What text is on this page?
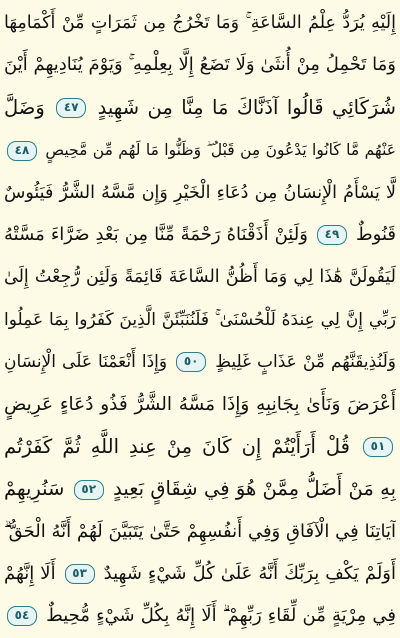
إِلَيْهِ يُرَدُّ عِلْمُ السَّاعَةِ ۚ وَمَا تَخْرُجُ مِن ثَمَرَاتٍ مِّنْ أَكْمَامِهَا
وَمَا تَحْمِلُ مِنْ أُنثَىٰ وَلَا تَضَعُ إِلَّا بِعِلْمِهِ ۚ وَيَوْمَ يُنَادِيهِمْ أَيْنَ
شُرَكَائِي قَالُوا آذَنَّاكَ مَا مِنَّا مِن شَهِيدٍ ٤٧ وَضَلَّ
عَنْهُم مَّا كَانُوا يَدْعُونَ مِن قَبْلُ ۖ وَظَنُّوا مَا لَهُم مِّن مَّحِيصٍ ٤٨
لَّا يَسْأَمُ الْإِنسَانُ مِن دُعَاءِ الْخَيْرِ وَإِن مَّسَّهُ الشَّرُّ فَيَئُوسٌ
قَنُوطٌ ٤٩ وَلَئِنْ أَذَقْنَاهُ رَحْمَةً مِّنَّا مِن بَعْدِ ضَرَّاءَ مَسَّتْهُ
لَيَقُولَنَّ هَٰذَا لِي وَمَا أَظُنُّ السَّاعَةَ قَائِمَةً وَلَئِن رُّجِعْتُ إِلَىٰ
رَبِّي إِنَّ لِي عِندَهُ لَلْحُسْنَىٰ ۚ فَلَنُنَبِّئَنَّ الَّذِينَ كَفَرُوا بِمَا عَمِلُوا
وَلَنُذِيقَنَّهُم مِّنْ عَذَابٍ غَلِيظٍ ٥٠ وَإِذَا أَنْعَمْنَا عَلَى الْإِنسَانِ
أَعْرَضَ وَنَأَىٰ بِجَانِبِهِ وَإِذَا مَسَّهُ الشَّرُّ فَذُو دُعَاءٍ عَرِيضٍ
٥١ قُلْ أَرَأَيْتُمْ إِن كَانَ مِنْ عِندِ اللَّهِ ثُمَّ كَفَرْتُم
بِهِ مَنْ أَضَلُّ مِمَّنْ هُوَ فِي شِقَاقٍ بَعِيدٍ ٥٢ سَنُرِيهِمْ
آيَاتِنَا فِي الْآفَاقِ وَفِي أَنفُسِهِمْ حَتَّىٰ يَتَبَيَّنَ لَهُمْ أَنَّهُ الْحَقُّ ۗ
أَوَلَمْ يَكْفِ بِرَبِّكَ أَنَّهُ عَلَىٰ كُلِّ شَيْءٍ شَهِيدٌ ٥٣ أَلَا إِنَّهُمْ
فِي مِرْيَةٍ مِّن لِّقَاءِ رَبِّهِمْ ۗ أَلَا إِنَّهُ بِكُلِّ شَيْءٍ مُّحِيطٌ ٥٤
